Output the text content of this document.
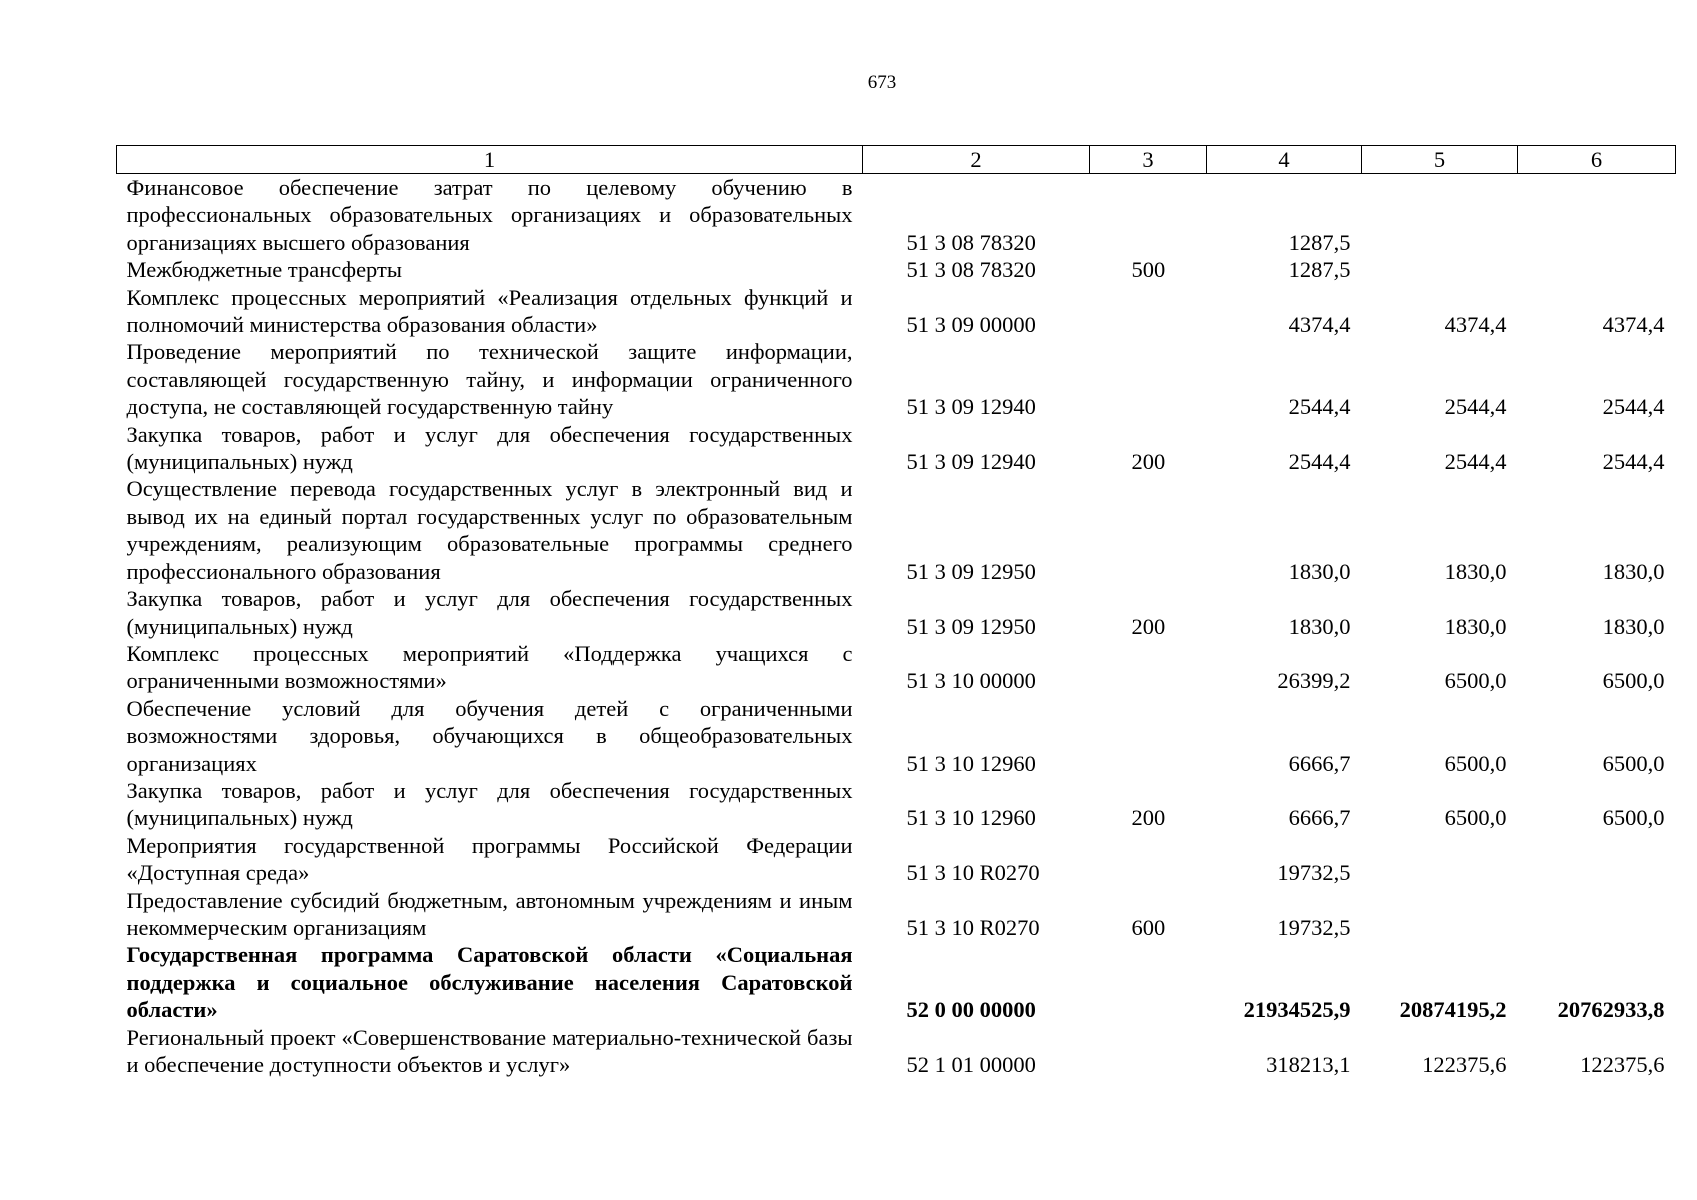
673
1	2	3	4	5	6
Финансовое обеспечение затрат по целевому обучению в профессиональных образовательных организациях и образовательных организациях высшего образования	51 3 08 78320		1287,5		
Межбюджетные трансферты	51 3 08 78320	500	1287,5		
Комплекс процессных мероприятий «Реализация отдельных функций и полномочий министерства образования области»	51 3 09 00000		4374,4	4374,4	4374,4
Проведение мероприятий по технической защите информации, составляющей государственную тайну, и информации ограниченного доступа, не составляющей государственную тайну	51 3 09 12940		2544,4	2544,4	2544,4
Закупка товаров, работ и услуг для обеспечения государственных (муниципальных) нужд	51 3 09 12940	200	2544,4	2544,4	2544,4
Осуществление перевода государственных услуг в электронный вид и вывод их на единый портал государственных услуг по образовательным учреждениям, реализующим образовательные программы среднего профессионального образования	51 3 09 12950		1830,0	1830,0	1830,0
Закупка товаров, работ и услуг для обеспечения государственных (муниципальных) нужд	51 3 09 12950	200	1830,0	1830,0	1830,0
Комплекс процессных мероприятий «Поддержка учащихся с ограниченными возможностями»	51 3 10 00000		26399,2	6500,0	6500,0
Обеспечение условий для обучения детей с ограниченными возможностями здоровья, обучающихся в общеобразовательных организациях	51 3 10 12960		6666,7	6500,0	6500,0
Закупка товаров, работ и услуг для обеспечения государственных (муниципальных) нужд	51 3 10 12960	200	6666,7	6500,0	6500,0
Мероприятия государственной программы Российской Федерации «Доступная среда»	51 3 10 R0270		19732,5		
Предоставление субсидий бюджетным, автономным учреждениям и иным некоммерческим организациям	51 3 10 R0270	600	19732,5		
Государственная программа Саратовской области «Социальная поддержка и социальное обслуживание населения Саратовской области»	52 0 00 00000		21934525,9	20874195,2	20762933,8
Региональный проект «Совершенствование материально-технической базы и обеспечение доступности объектов и услуг»	52 1 01 00000		318213,1	122375,6	122375,6
